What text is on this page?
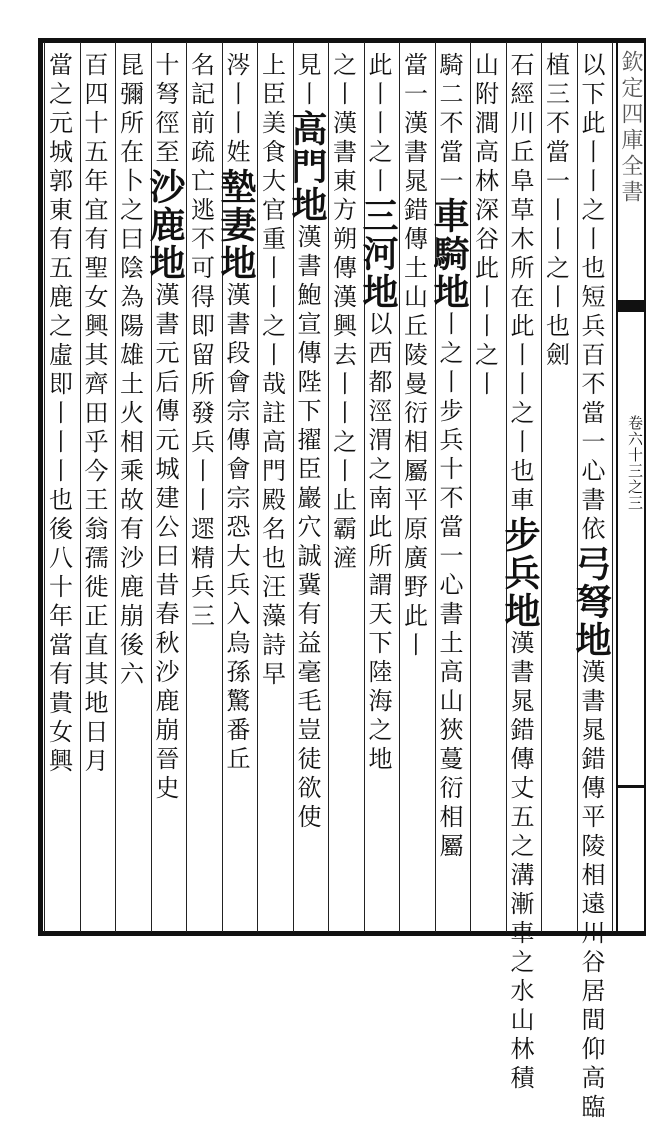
欽定四庫全書
卷六十三之三
以下此丨丨之丨也短兵百不當一心書依弓弩地漢書晁錯傳平陵相遠川谷居間仰高臨
植三不當一丨丨之丨也劍
石經川丘阜草木所在此丨丨之丨也車步兵地漢書晁錯傳丈五之溝漸車之水山林積
山附澗高林深谷此丨丨之丨
騎二不當一車騎地丨之丨步兵十不當一心書土高山狹蔓衍相屬
當一漢書晁錯傳土山丘陵曼衍相屬平原廣野此丨
此丨丨之丨三河地以西都涇渭之南此所謂天下陸海之地
之丨漢書東方朔傳漢興去丨丨之丨止霸滻
見丨高門地漢書鮑宣傳陛下擢臣巖穴誠冀有益毫毛豈徒欲使
上臣美食大官重丨丨之丨哉註高門殿名也汪藻詩早
涔丨丨姓墊妻地漢書段會宗傳會宗恐大兵入烏孫驚番丘
名記前疏亡逃不可得即留所發兵丨丨遝精兵三
十弩徑至沙鹿地漢書元后傳元城建公曰昔春秋沙鹿崩晉史
昆彌所在卜之曰陰為陽雄土火相乘故有沙鹿崩後六
百四十五年宜有聖女興其齊田乎今王翁孺徙正直其地日月
當之元城郭東有五鹿之虛即丨丨丨也後八十年當有貴女興
